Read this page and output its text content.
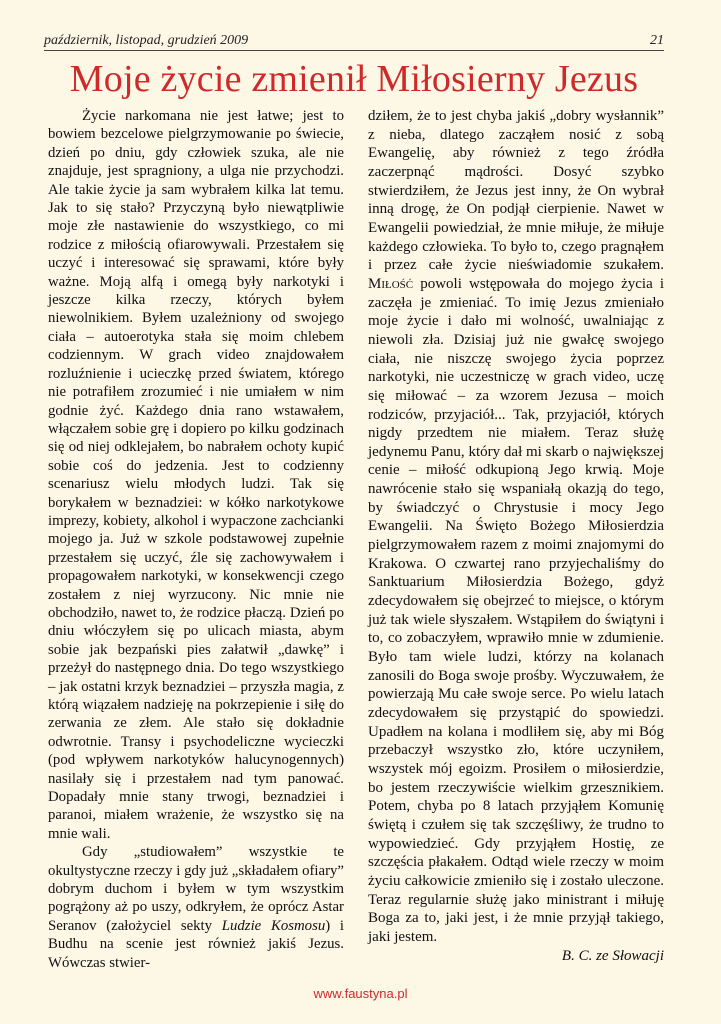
październik, listopad, grudzień 2009	21
Moje życie zmienił Miłosierny Jezus

Życie narkomana nie jest łatwe; jest to bowiem bezcelowe pielgrzymowanie po świecie, dzień po dniu, gdy człowiek szuka, ale nie znajduje, jest spragniony, a ulga nie przychodzi. Ale takie życie ja sam wybrałem kilka lat temu. Jak to się stało? Przyczyną było niewątpliwie moje złe nastawienie do wszystkiego, co mi rodzice z miłością ofiarowywali. Przestałem się uczyć i interesować się sprawami, które były ważne. Moją alfą i omegą były narkotyki i jeszcze kilka rzeczy, których byłem niewolnikiem. Byłem uzależniony od swojego ciała – autoerotyka stała się moim chlebem codziennym. W grach video znajdowałem rozluźnienie i ucieczkę przed światem, którego nie potrafiłem zrozumieć i nie umiałem w nim godnie żyć. Każdego dnia rano wstawałem, włączałem sobie grę i dopiero po kilku godzinach się od niej odklejałem, bo nabrałem ochoty kupić sobie coś do jedzenia. Jest to codzienny scenariusz wielu młodych ludzi. Tak się borykałem w beznadziei: w kółko narkotykowe imprezy, kobiety, alkohol i wypaczone zachcianki mojego ja. Już w szkole podstawowej zupełnie przestałem się uczyć, źle się zachowywałem i propagowałem narkotyki, w konsekwencji czego zostałem z niej wyrzucony. Nic mnie nie obchodziło, nawet to, że rodzice płaczą. Dzień po dniu włóczyłem się po ulicach miasta, abym sobie jak bezpański pies załatwił „dawkę” i przeżył do następnego dnia. Do tego wszystkiego – jak ostatni krzyk beznadziei – przyszła magia, z którą wiązałem nadzieję na pokrzepienie i siłę do zerwania ze złem. Ale stało się dokładnie odwrotnie. Transy i psychodeliczne wycieczki (pod wpływem narkotyków halucynogennych) nasilały się i przestałem nad tym panować. Dopadały mnie stany trwogi, beznadziei i paranoi, miałem wrażenie, że wszystko się na mnie wali.

Gdy „studiowałem” wszystkie te okultystyczne rzeczy i gdy już „składałem ofiary” dobrym duchom i byłem w tym wszystkim pogrążony aż po uszy, odkryłem, że oprócz Astar Seranov (założyciel sekty Ludzie Kosmosu) i Budhu na scenie jest również jakiś Jezus. Wówczas stwier-

dziłem, że to jest chyba jakiś „dobry wysłannik” z nieba, dlatego zacząłem nosić z sobą Ewangelię, aby również z tego źródła zaczerpnąć mądrości. Dosyć szybko stwierdziłem, że Jezus jest inny, że On wybrał inną drogę, że On podjął cierpienie. Nawet w Ewangelii powiedział, że mnie miłuje, że miłuje każdego człowieka. To było to, czego pragnąłem i przez całe życie nieświadomie szukałem. Miłość powoli wstępowała do mojego życia i zaczęła je zmieniać. To imię Jezus zmieniało moje życie i dało mi wolność, uwalniając z niewoli zła. Dzisiaj już nie gwałcę swojego ciała, nie niszczę swojego życia poprzez narkotyki, nie uczestniczę w grach video, uczę się miłować – za wzorem Jezusa – moich rodziców, przyjaciół... Tak, przyjaciół, których nigdy przedtem nie miałem. Teraz służę jedynemu Panu, który dał mi skarb o największej cenie – miłość odkupioną Jego krwią. Moje nawrócenie stało się wspaniałą okazją do tego, by świadczyć o Chrystusie i mocy Jego Ewangelii. Na Święto Bożego Miłosierdzia pielgrzymowałem razem z moimi znajomymi do Krakowa. O czwartej rano przyjechaliśmy do Sanktuarium Miłosierdzia Bożego, gdyż zdecydowałem się obejrzeć to miejsce, o którym już tak wiele słyszałem. Wstąpiłem do świątyni i to, co zobaczyłem, wprawiło mnie w zdumienie. Było tam wiele ludzi, którzy na kolanach zanosili do Boga swoje prośby. Wyczuwałem, że powierzają Mu całe swoje serce. Po wielu latach zdecydowałem się przystąpić do spowiedzi. Upadłem na kolana i modliłem się, aby mi Bóg przebaczył wszystko zło, które uczyniłem, wszystek mój egoizm. Prosiłem o miłosierdzie, bo jestem rzeczywiście wielkim grzesznikiem. Potem, chyba po 8 latach przyjąłem Komunię świętą i czułem się tak szczęśliwy, że trudno to wypowiedzieć. Gdy przyjąłem Hostię, ze szczęścia płakałem. Odtąd wiele rzeczy w moim życiu całkowicie zmieniło się i zostało uleczone. Teraz regularnie służę jako ministrant i miłuję Boga za to, jaki jest, i że mnie przyjął takiego, jaki jestem.

B. C. ze Słowacji

www.faustyna.pl
